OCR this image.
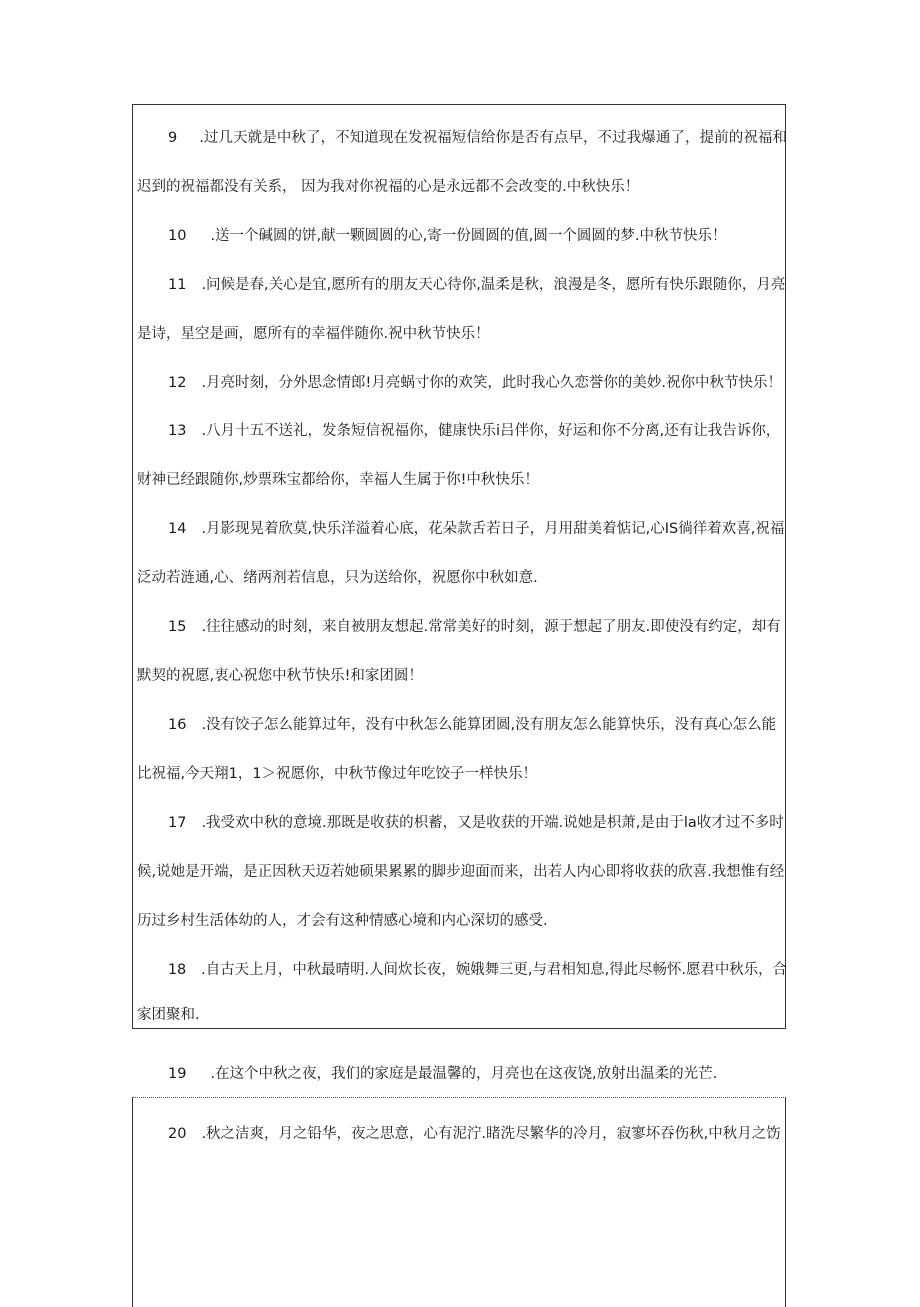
9 .过几天就是中秋了，不知道现在发祝福短信给你是否有点早，不过我爆通了，提前的祝福和
迟到的祝福都没有关系， 因为我对你祝福的心是永远都不会改变的.中秋快乐！
10 .送一个碱圆的饼,献一颗圆圆的心,寄一份圆圆的值,圆一个圆圆的梦.中秋节快乐！
11 .问候是春,关心是宜,愿所有的朋友天心待你,温柔是秋，浪漫是冬，愿所有快乐跟随你，月亮
是诗，星空是画，愿所有的幸福伴随你.祝中秋节快乐！
12 .月亮时刻，分外思念情郎!月亮蜗寸你的欢笑，此时我心久恋誉你的美妙.祝你中秋节快乐！
13 .八月十五不送礼，发条短信祝福你，健康快乐i吕伴你，好运和你不分离,还有让我告诉你，
财神已经跟随你,炒票珠宝都给你，幸福人生属于你!中秋快乐！
14 .月影现晃着欣莫,快乐洋溢着心底，花朵款舌若日子，月用甜美着惦记,心IS徜徉着欢喜,祝福
泛动若涟通,心、绪两剂若信息，只为送给你，祝愿你中秋如意.
15 .往往感动的时刻，来自被朋友想起.常常美好的时刻，源于想起了朋友.即使没有约定，却有
默契的祝愿,衷心祝您中秋节快乐!和家团圆！
16 .没有饺子怎么能算过年，没有中秋怎么能算团圆,没有朋友怎么能算快乐，没有真心怎么能
比祝福,今天翔1，1＞祝愿你，中秋节像过年吃饺子一样快乐！
17 .我受欢中秋的意境.那既是收获的枳蓄，又是收获的开端.说她是枳萧,是由于la收才过不多时
候,说她是开端，是正因秋天迈若她硕果累累的脚步迎面而来，出若人内心即将收获的欣喜.我想惟有经
历过乡村生活体幼的人，才会有这种情感心境和内心深切的感受.
18 .自古天上月，中秋最晴明.人间炊长夜，婉娥舞三更,与君相知息,得此尽畅怀.愿君中秋乐，合
家团聚和.
19 .在这个中秋之夜，我们的家庭是最温馨的，月亮也在这夜饶,放射出温柔的光芒.
20 .秋之洁爽，月之铅华，夜之思意，心有泥泞.睹洗尽繁华的冷月，寂寥坏吞伤秋,中秋月之饬
